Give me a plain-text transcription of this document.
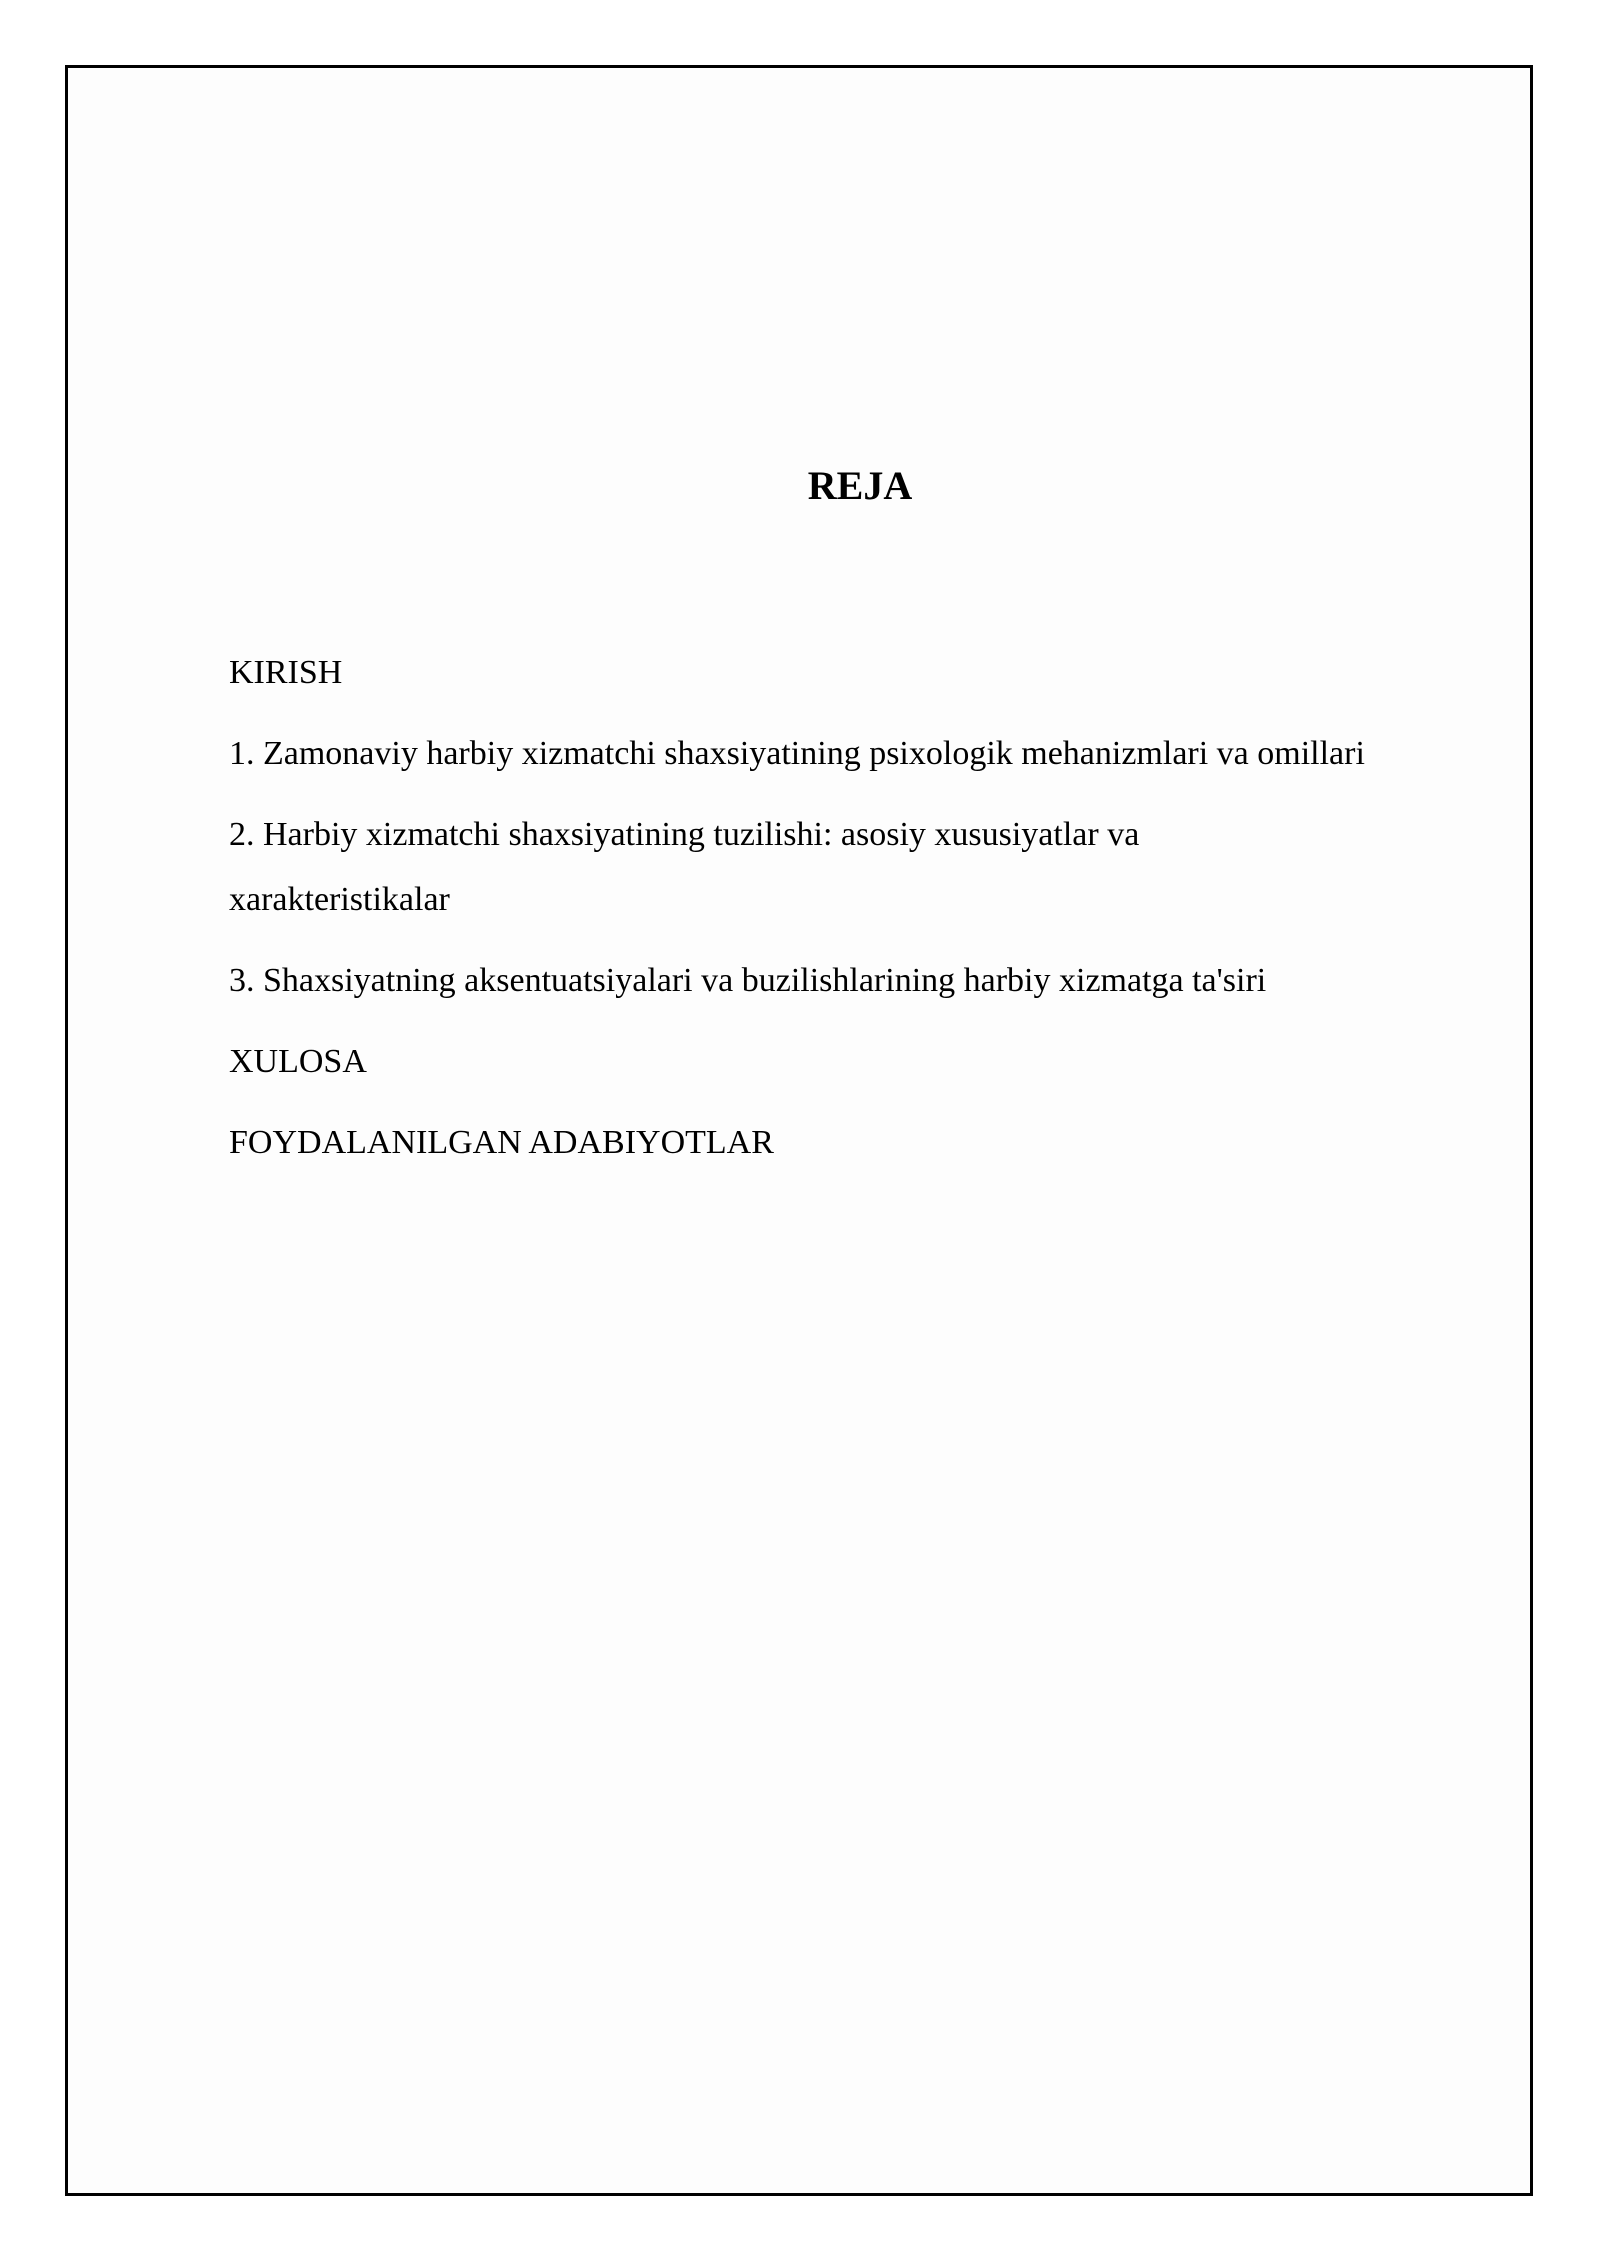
REJA
KIRISH
1. Zamonaviy harbiy xizmatchi shaxsiyatining psixologik mehanizmlari va omillari
2. Harbiy xizmatchi shaxsiyatining tuzilishi: asosiy xususiyatlar va xarakteristikalar
3. Shaxsiyatning aksentuatsiyalari va buzilishlarining harbiy xizmatga ta'siri
XULOSA
FOYDALANILGAN ADABIYOTLAR
